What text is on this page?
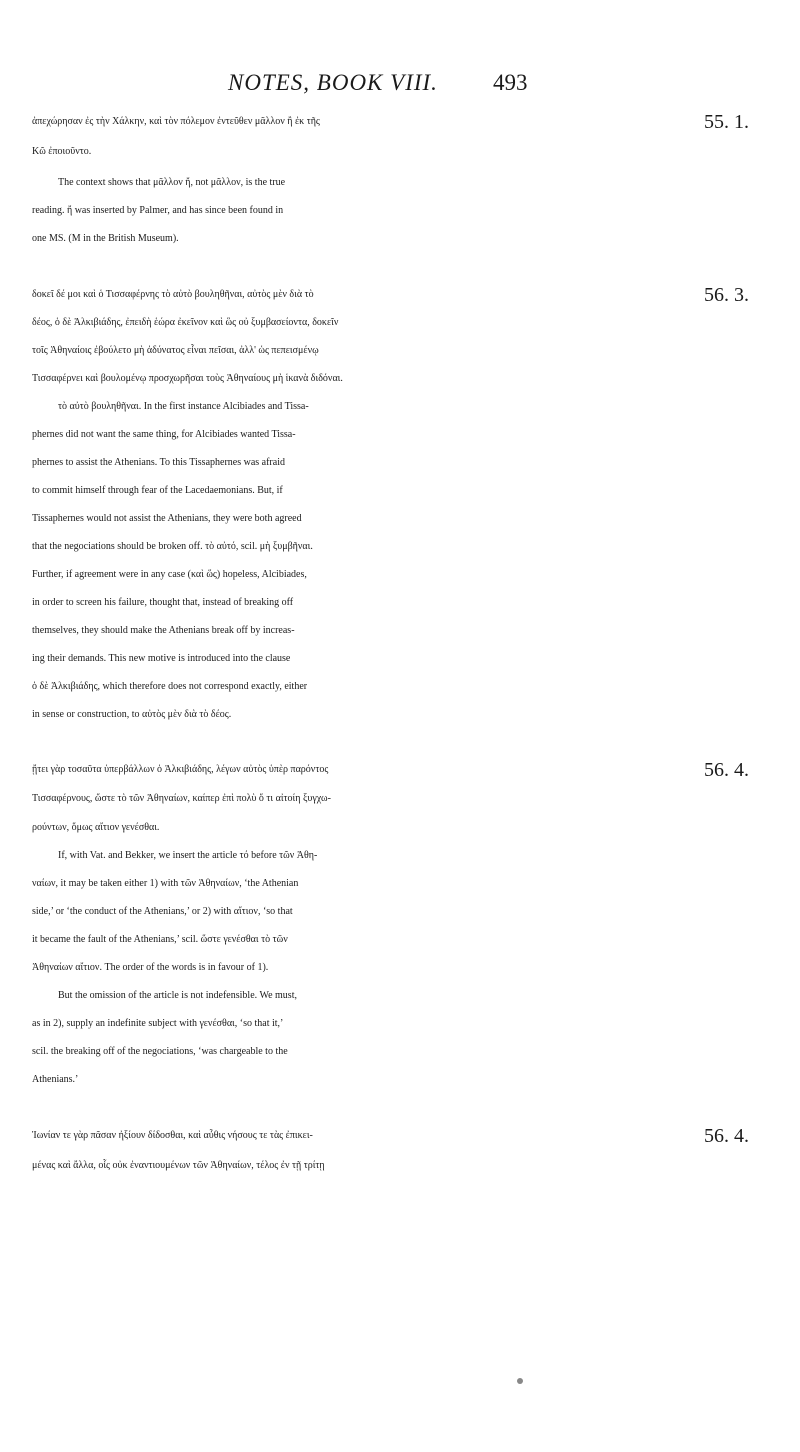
NOTES, BOOK VIII. 493
ἀπεχώρησαν ἐς τὴν Χάλκην, καὶ τὸν πόλεμον ἐντεῦθεν μᾶλλον ἢ ἐκ τῆς	55. 1.
Κῶ ἐποιοῦντο.
The context shows that μᾶλλον ἤ, not μᾶλλον, is the true
reading. ἤ was inserted by Palmer, and has since been found in
one MS. (M in the British Museum).
δοκεῖ δέ μοι καὶ ὁ Τισσαφέρνης τὸ αὐτὸ βουληθῆναι, αὐτὸς μὲν διὰ τὸ	56. 3.
δέος, ὁ δὲ Ἀλκιβιάδης, ἐπειδὴ ἑώρα ἐκεῖνον καὶ ὣς οὐ ξυμβασείοντα, δοκεῖν
τοῖς Ἀθηναίοις ἐβούλετο μὴ ἀδύνατος εἶναι πεῖσαι, ἀλλ' ὡς πεπεισμένῳ
Τισσαφέρνει καὶ βουλομένῳ προσχωρῆσαι τοὺς Ἀθηναίους μὴ ἱκανὰ διδόναι.
τὸ αὐτὸ βουληθῆναι. In the first instance Alcibiades and Tissa-
phernes did not want the same thing, for Alcibiades wanted Tissa-
phernes to assist the Athenians. To this Tissaphernes was afraid
to commit himself through fear of the Lacedaemonians. But, if
Tissaphernes would not assist the Athenians, they were both agreed
that the negociations should be broken off. τὸ αὐτό, scil. μὴ ξυμβῆναι.
Further, if agreement were in any case (καὶ ὥς) hopeless, Alcibiades,
in order to screen his failure, thought that, instead of breaking off
themselves, they should make the Athenians break off by increas-
ing their demands. This new motive is introduced into the clause
ὁ δὲ Ἀλκιβιάδης, which therefore does not correspond exactly, either
in sense or construction, to αὐτὸς μὲν διὰ τὸ δέος.
ᾔτει γὰρ τοσαῦτα ὑπερβάλλων ὁ Ἀλκιβιάδης, λέγων αὐτὸς ὑπὲρ παρόντος	56. 4.
Τισσαφέρνους, ὥστε τὸ τῶν Ἀθηναίων, καίπερ ἐπὶ πολὺ ὅ τι αἰτοίη ξυγχω-
ρούντων, ὅμως αἴτιον γενέσθαι.
If, with Vat. and Bekker, we insert the article τό before τῶν Ἀθη-
ναίων, it may be taken either 1) with τῶν Ἀθηναίων, ‘the Athenian
side,’ or ‘the conduct of the Athenians,’ or 2) with αἴτιον, ‘so that
it became the fault of the Athenians,’ scil. ὥστε γενέσθαι τὸ τῶν
Ἀθηναίων αἴτιον. The order of the words is in favour of 1).
But the omission of the article is not indefensible. We must,
as in 2), supply an indefinite subject with γενέσθαι, ‘so that it,’
scil. the breaking off of the negociations, ‘was chargeable to the
Athenians.’
Ἰωνίαν τε γὰρ πᾶσαν ἠξίουν δίδοσθαι, καὶ αὖθις νήσους τε τὰς ἐπικει-	56. 4.
μένας καὶ ἄλλα, οἷς οὐκ ἐναντιουμένων τῶν Ἀθηναίων, τέλος ἐν τῇ τρίτῃ
